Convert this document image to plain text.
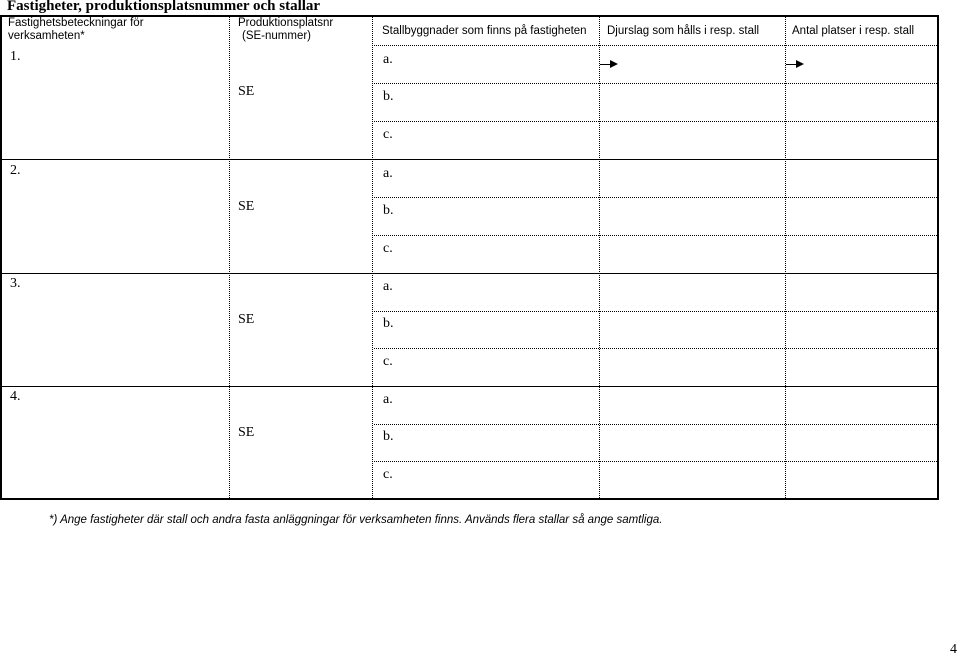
Fastigheter, produktionsplatsnummer och stallar
Fastighetsbeteckningar för verksamheten*
Produktionsplatsnr
(SE-nummer)	Stallbyggnader som finns på fastigheten Djurslag som hålls i resp. stall	Antal platser i resp. stall
1.
SE
a.
b.
c.
2.
SE
a.
b.
c.
3.
SE
a.
b.
c.
4.
SE
a.
b.
c.
*) Ange fastigheter där stall och andra fasta anläggningar för verksamheten finns. Används flera stallar så ange samtliga.
4
